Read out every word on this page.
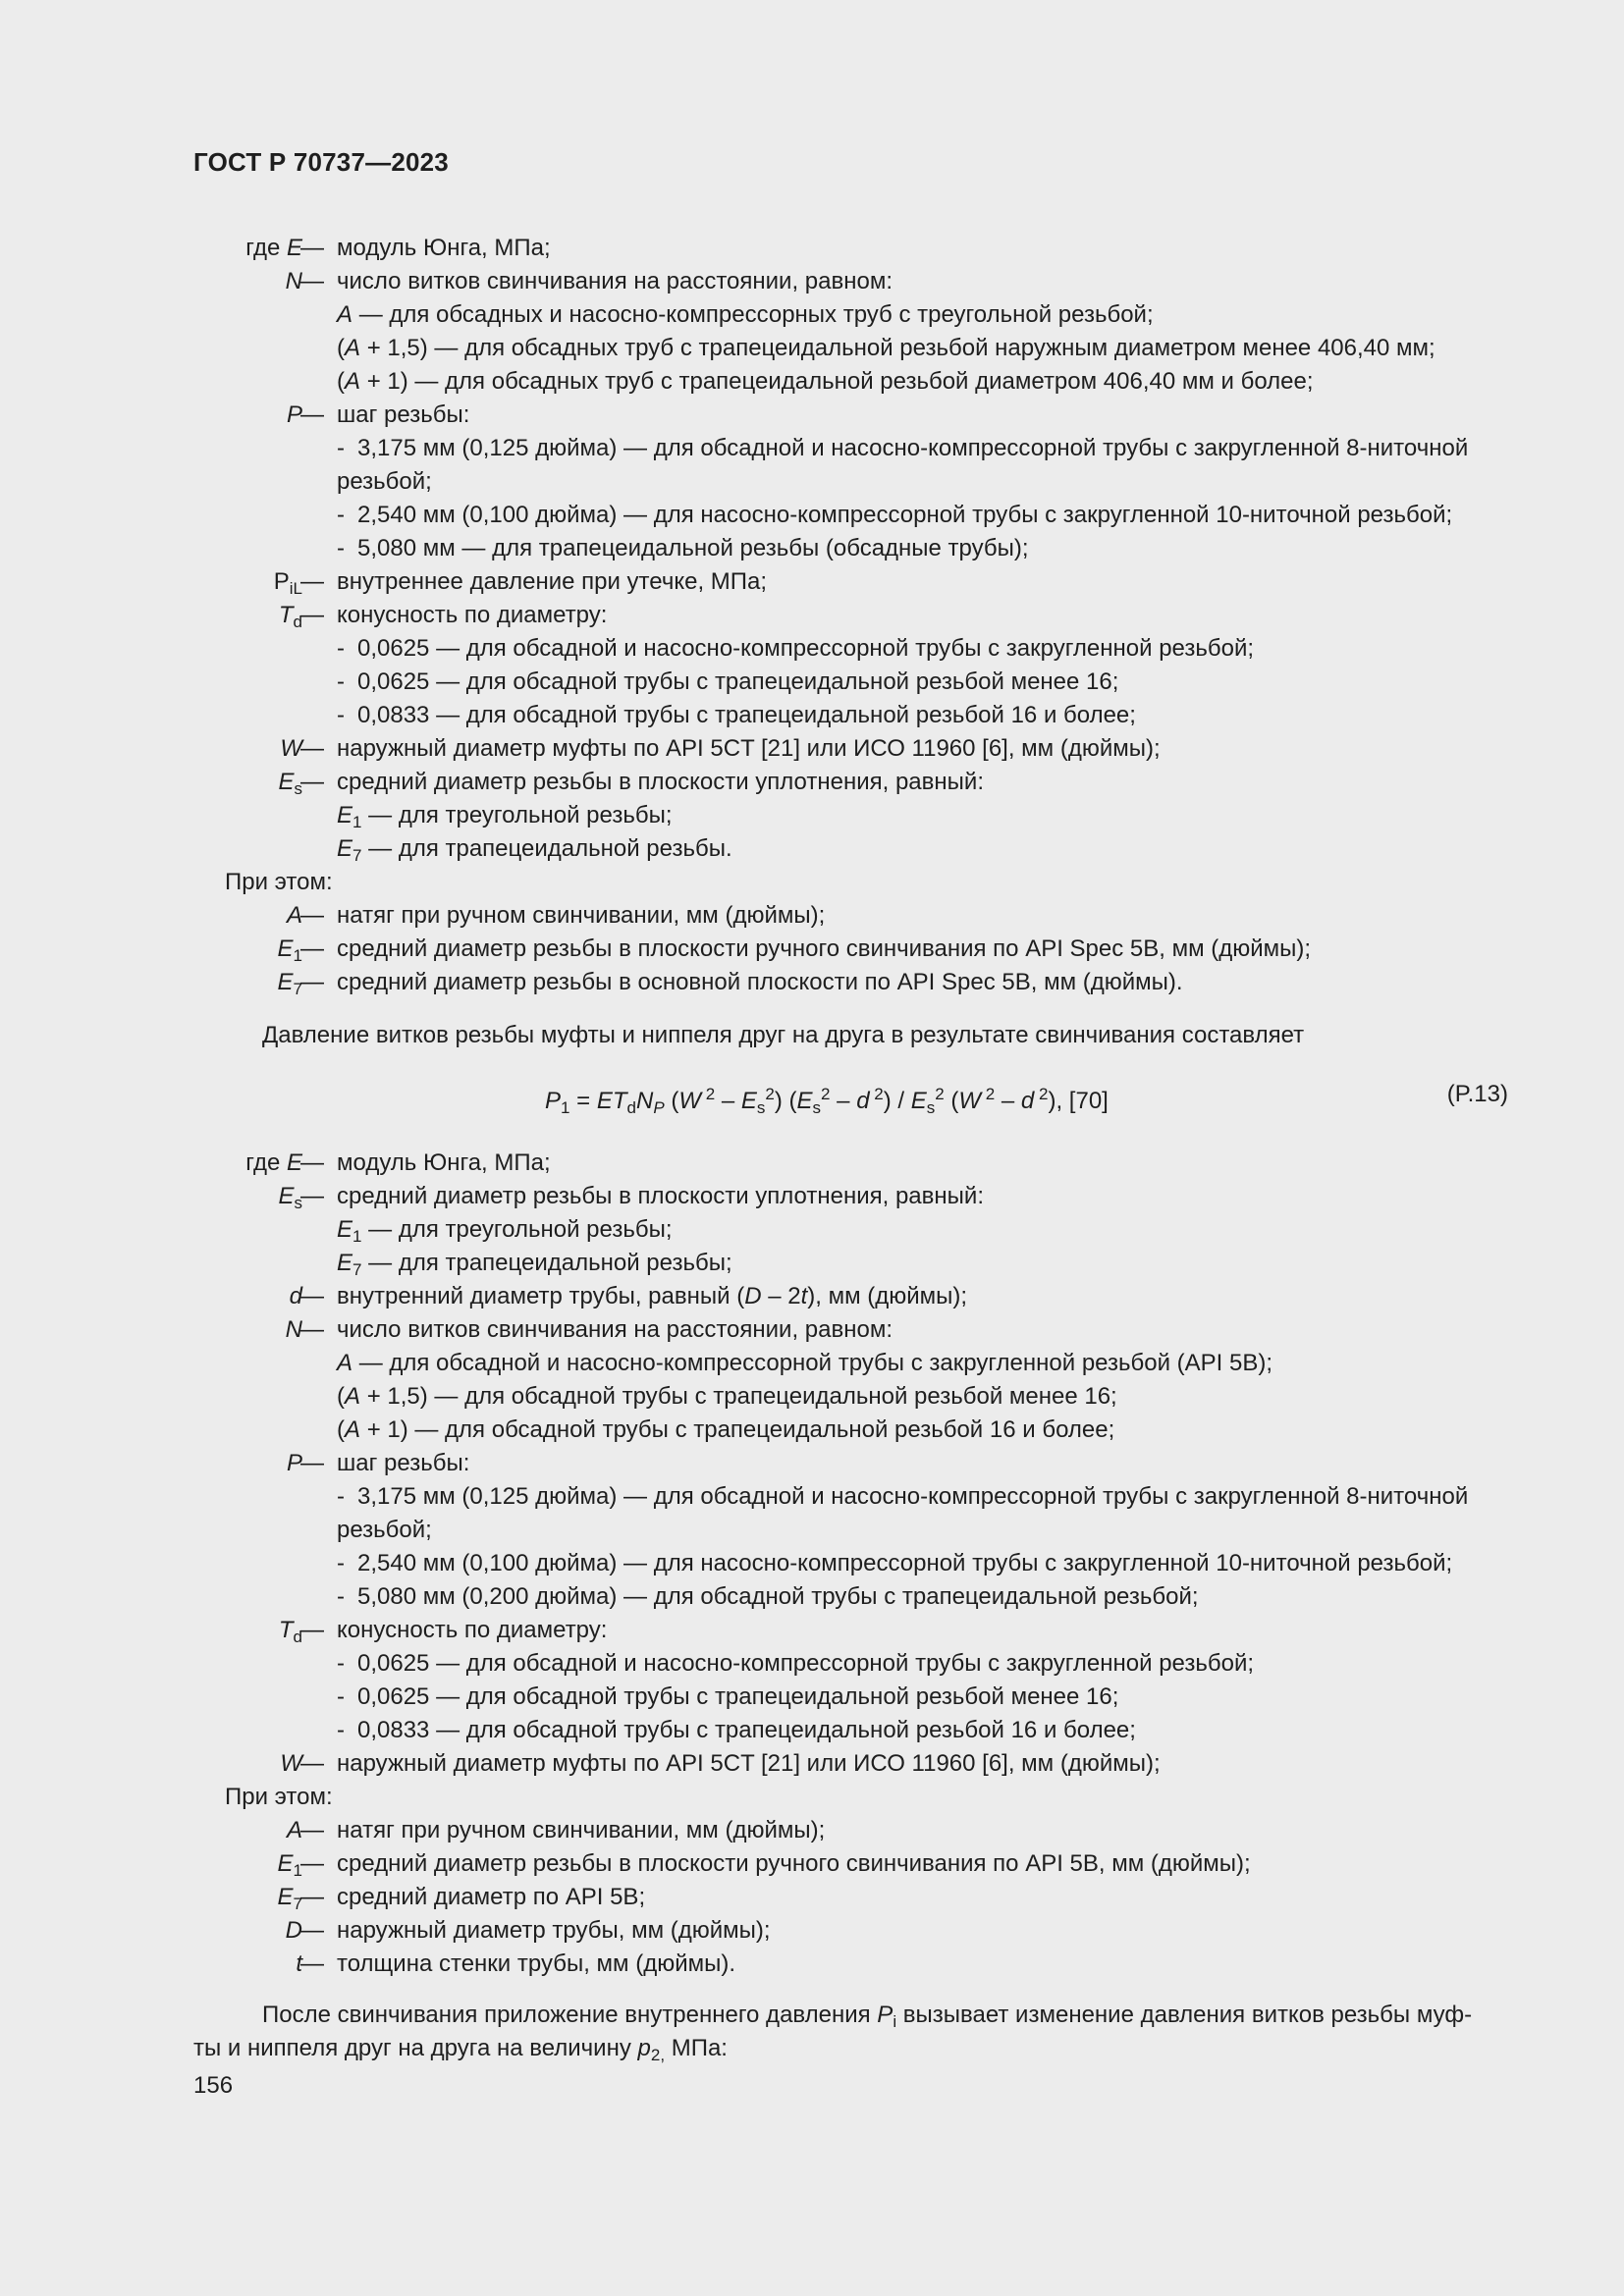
ГОСТ Р 70737—2023
где E
— модуль Юнга, МПа;
N
— число витков свинчивания на расстоянии, равном:
A — для обсадных и насосно-компрессорных труб с треугольной резьбой;
(A + 1,5) — для обсадных труб с трапецеидальной резьбой наружным диаметром менее 406,40 мм;
(A + 1) — для обсадных труб с трапецеидальной резьбой диаметром 406,40 мм и более;
P
— шаг резьбы:
- 3,175 мм (0,125 дюйма) — для обсадной и насосно-компрессорной трубы с закругленной 8-ниточной
резьбой;
- 2,540 мм (0,100 дюйма) — для насосно-компрессорной трубы с закругленной 10-ниточной резьбой;
- 5,080 мм — для трапецеидальной резьбы (обсадные трубы);
$P_{iL}$
— внутреннее давление при утечке, МПа;
$T_d$
— конусность по диаметру:
- 0,0625 — для обсадной и насосно-компрессорной трубы с закругленной резьбой;
- 0,0625 — для обсадной трубы с трапецеидальной резьбой менее 16;
- 0,0833 — для обсадной трубы с трапецеидальной резьбой 16 и более;
W
— наружный диаметр муфты по API 5CT [21] или ИСО 11960 [6], мм (дюймы);
$E_s$
— средний диаметр резьбы в плоскости уплотнения, равный:
$E_1$ — для треугольной резьбы;
$E_7$ — для трапецеидальной резьбы.
При этом:
A
— натяг при ручном свинчивании, мм (дюймы);
$E_1$
— средний диаметр резьбы в плоскости ручного свинчивания по API Spec 5B, мм (дюймы);
$E_7$
— средний диаметр резьбы в основной плоскости по API Spec 5B, мм (дюймы).
Давление витков резьбы муфты и ниппеля друг на друга в результате свинчивания составляет
$P_1 = ET_dN_P$ (W $^2 - E_s^2$) ($E_s^2$ – d $^2) / E_s^2$ (W $^2$ – d $^2$), [70]	(P.13)
где E
— модуль Юнга, МПа;
$E_s$
— средний диаметр резьбы в плоскости уплотнения, равный:
$E_1$ — для треугольной резьбы;
$E_7$ — для трапецеидальной резьбы;
d
— внутренний диаметр трубы, равный (D – 2t), мм (дюймы);
N
— число витков свинчивания на расстоянии, равном:
A — для обсадной и насосно-компрессорной трубы с закругленной резьбой (API 5B);
(A + 1,5) — для обсадной трубы с трапецеидальной резьбой менее 16;
(A + 1) — для обсадной трубы с трапецеидальной резьбой 16 и более;
P
— шаг резьбы:
- 3,175 мм (0,125 дюйма) — для обсадной и насосно-компрессорной трубы с закругленной 8-ниточной
резьбой;
- 2,540 мм (0,100 дюйма) — для насосно-компрессорной трубы с закругленной 10-ниточной резьбой;
- 5,080 мм (0,200 дюйма) — для обсадной трубы с трапецеидальной резьбой;
$T_d$
— конусность по диаметру:
- 0,0625 — для обсадной и насосно-компрессорной трубы с закругленной резьбой;
- 0,0625 — для обсадной трубы с трапецеидальной резьбой менее 16;
- 0,0833 — для обсадной трубы с трапецеидальной резьбой 16 и более;
W
— наружный диаметр муфты по API 5CT [21] или ИСО 11960 [6], мм (дюймы);
При этом:
A
— натяг при ручном свинчивании, мм (дюймы);
$E_1$
— средний диаметр резьбы в плоскости ручного свинчивания по API 5B, мм (дюймы);
$E_7$
— средний диаметр по API 5B;
D
— наружный диаметр трубы, мм (дюймы);
t
— толщина стенки трубы, мм (дюймы).
После свинчивания приложение внутреннего давления $P_i$ вызывает изменение давления витков резьбы муф-
ты и ниппеля друг на друга на величину $p_{2,}$ МПа:
156
